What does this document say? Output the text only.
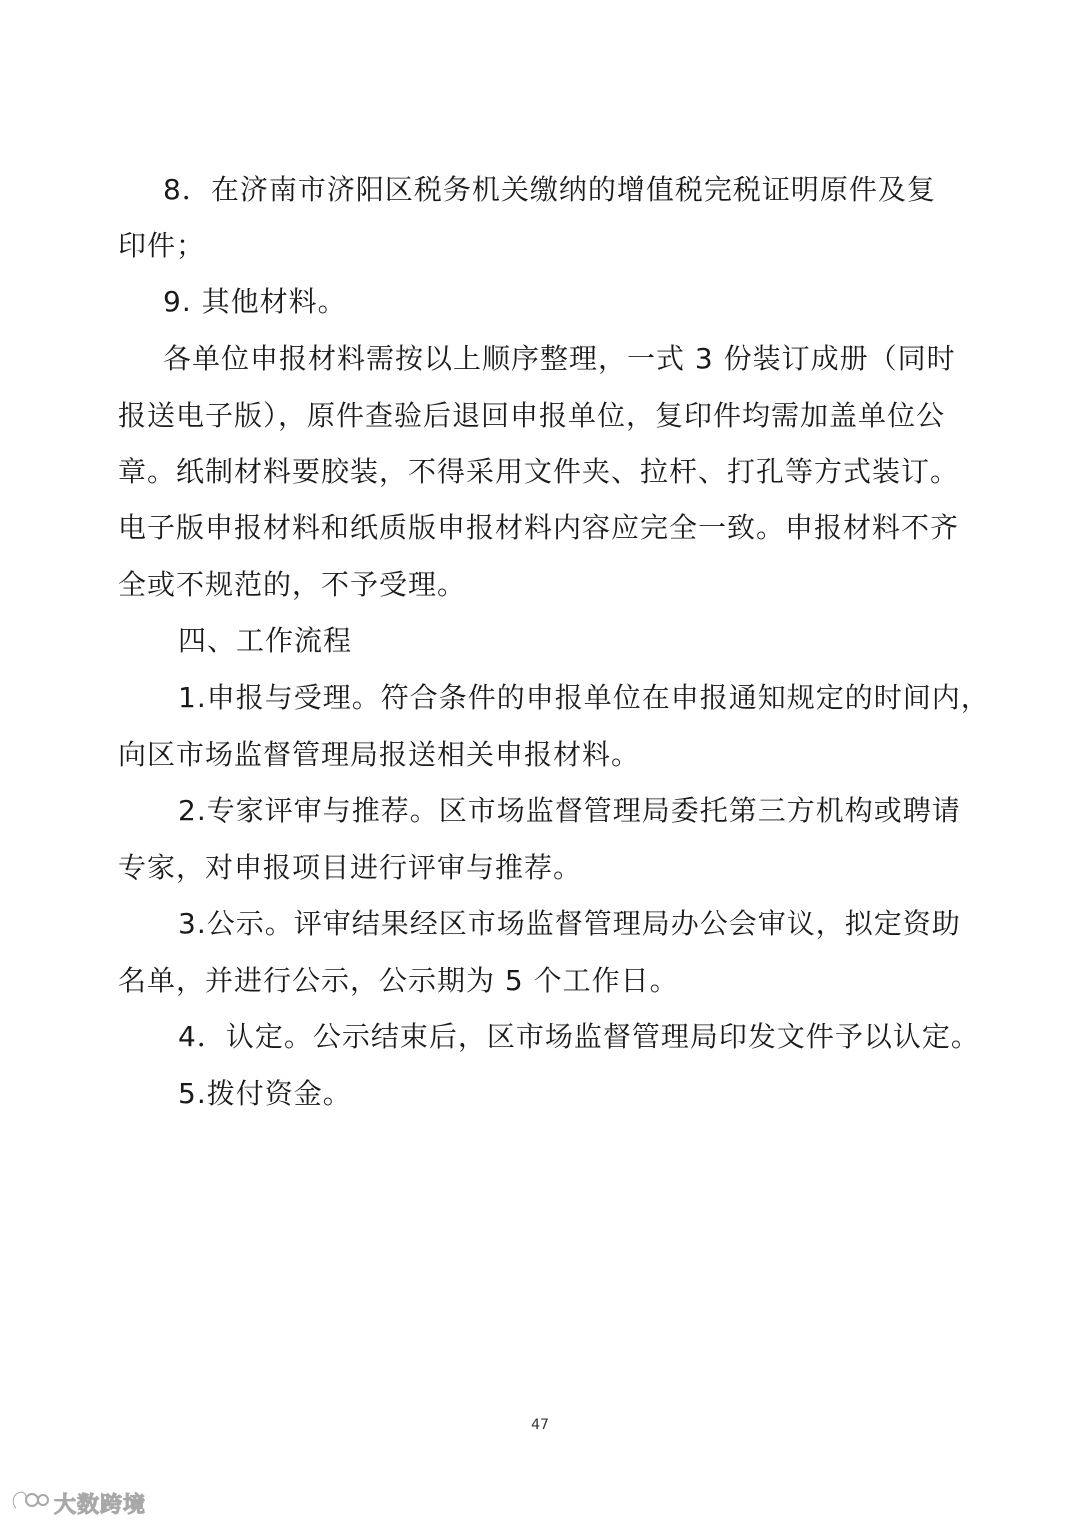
8．在济南市济阳区税务机关缴纳的增值税完税证明原件及复
印件；
9. 其他材料。
各单位申报材料需按以上顺序整理，一式 3 份装订成册（同时
报送电子版），原件查验后退回申报单位，复印件均需加盖单位公
章。纸制材料要胶装，不得采用文件夹、拉杆、打孔等方式装订。
电子版申报材料和纸质版申报材料内容应完全一致。申报材料不齐
全或不规范的，不予受理。
四、工作流程
1.申报与受理。符合条件的申报单位在申报通知规定的时间内，
向区市场监督管理局报送相关申报材料。
2.专家评审与推荐。区市场监督管理局委托第三方机构或聘请
专家，对申报项目进行评审与推荐。
3.公示。评审结果经区市场监督管理局办公会审议，拟定资助
名单，并进行公示，公示期为 5 个工作日。
4．认定。公示结束后，区市场监督管理局印发文件予以认定。
5.拨付资金。
47
大数跨境
